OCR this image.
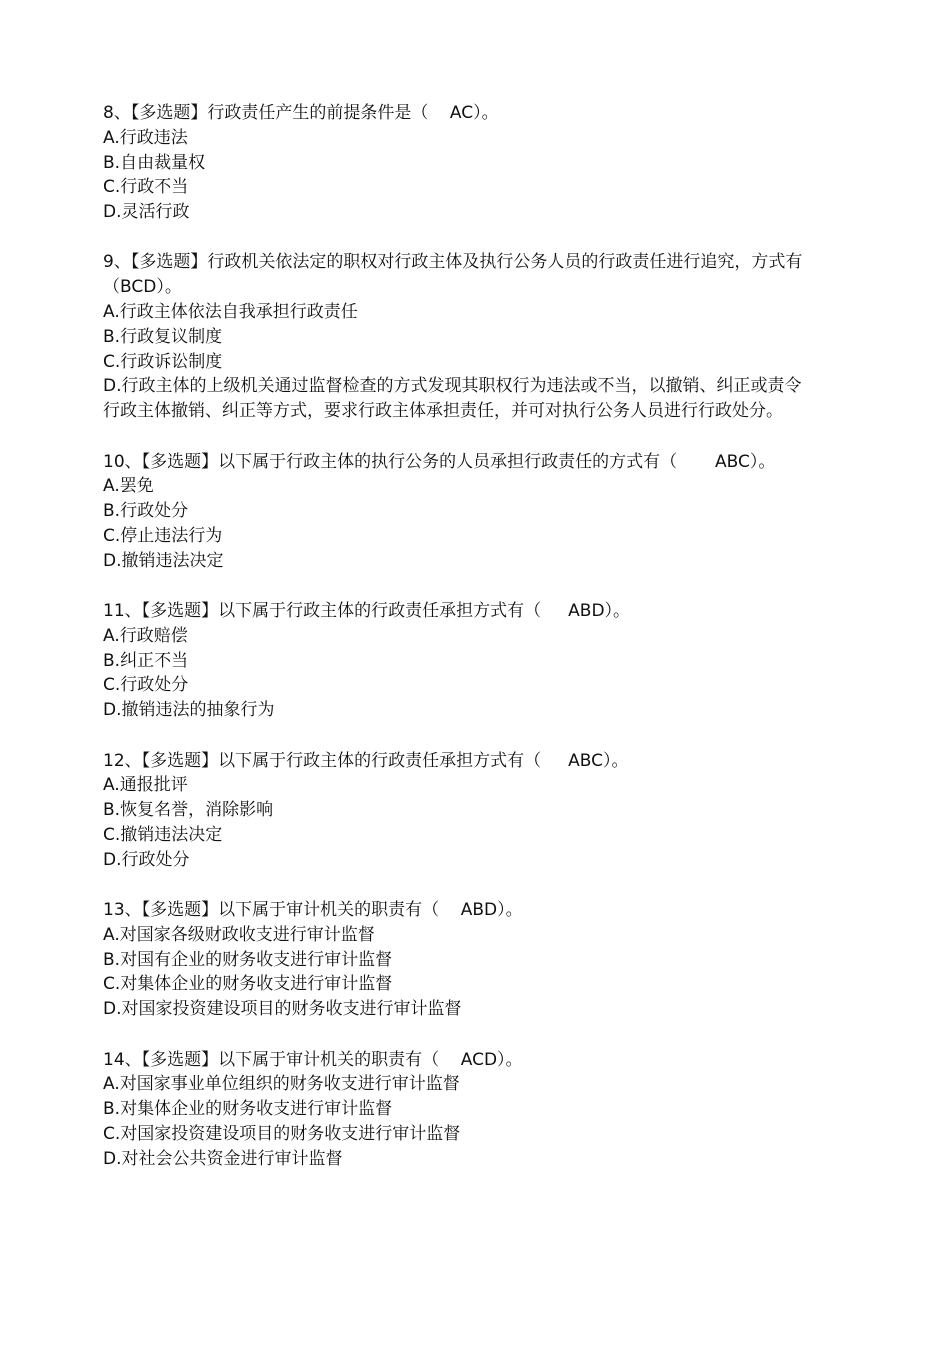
8、【多选题】行政责任产生的前提条件是（    AC）。

A.行政违法

B.自由裁量权

C.行政不当

D.灵活行政

9、【多选题】行政机关依法定的职权对行政主体及执行公务人员的行政责任进行追究，方式有（BCD）。

A.行政主体依法自我承担行政责任

B.行政复议制度

C.行政诉讼制度

D.行政主体的上级机关通过监督检查的方式发现其职权行为违法或不当，以撤销、纠正或责令行政主体撤销、纠正等方式，要求行政主体承担责任，并可对执行公务人员进行行政处分。

10、【多选题】以下属于行政主体的执行公务的人员承担行政责任的方式有（       ABC）。

A.罢免

B.行政处分

C.停止违法行为

D.撤销违法决定

11、【多选题】以下属于行政主体的行政责任承担方式有（     ABD）。

A.行政赔偿

B.纠正不当

C.行政处分

D.撤销违法的抽象行为

12、【多选题】以下属于行政主体的行政责任承担方式有（     ABC）。

A.通报批评

B.恢复名誉，消除影响

C.撤销违法决定

D.行政处分

13、【多选题】以下属于审计机关的职责有（    ABD）。

A.对国家各级财政收支进行审计监督

B.对国有企业的财务收支进行审计监督

C.对集体企业的财务收支进行审计监督

D.对国家投资建设项目的财务收支进行审计监督

14、【多选题】以下属于审计机关的职责有（    ACD）。

A.对国家事业单位组织的财务收支进行审计监督

B.对集体企业的财务收支进行审计监督

C.对国家投资建设项目的财务收支进行审计监督

D.对社会公共资金进行审计监督
